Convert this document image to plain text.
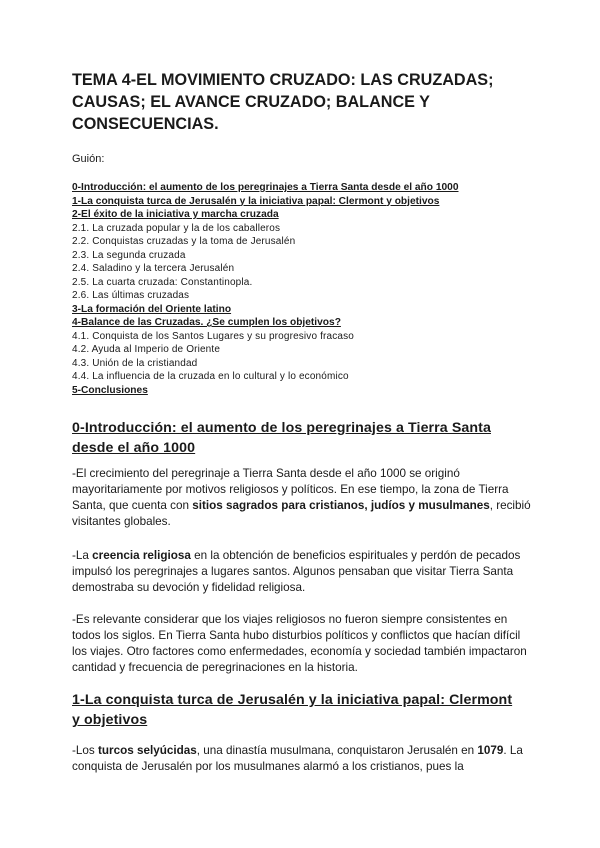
TEMA 4-EL MOVIMIENTO CRUZADO: LAS CRUZADAS; CAUSAS; EL AVANCE CRUZADO; BALANCE Y CONSECUENCIAS.
Guión:
0-Introducción: el aumento de los peregrinajes a Tierra Santa desde el año 1000
1-La conquista turca de Jerusalén y la iniciativa papal: Clermont y objetivos
2-El éxito de la iniciativa y marcha cruzada
2.1. La cruzada popular y la de los caballeros
2.2. Conquistas cruzadas y la toma de Jerusalén
2.3. La segunda cruzada
2.4. Saladino y la tercera Jerusalén
2.5. La cuarta cruzada: Constantinopla.
2.6. Las últimas cruzadas
3-La formación del Oriente latino
4-Balance de las Cruzadas. ¿Se cumplen los objetivos?
4.1. Conquista de los Santos Lugares y su progresivo fracaso
4.2. Ayuda al Imperio de Oriente
4.3. Unión de la cristiandad
4.4. La influencia de la cruzada en lo cultural y lo económico
5-Conclusiones
0-Introducción: el aumento de los peregrinajes a Tierra Santa desde el año 1000

-El crecimiento del peregrinaje a Tierra Santa desde el año 1000 se originó mayoritariamente por motivos religiosos y políticos. En ese tiempo, la zona de Tierra Santa, que cuenta con sitios sagrados para cristianos, judíos y musulmanes, recibió visitantes globales.

-La creencia religiosa en la obtención de beneficios espirituales y perdón de pecados impulsó los peregrinajes a lugares santos. Algunos pensaban que visitar Tierra Santa demostraba su devoción y fidelidad religiosa.

-Es relevante considerar que los viajes religiosos no fueron siempre consistentes en todos los siglos. En Tierra Santa hubo disturbios políticos y conflictos que hacían difícil los viajes. Otro factores como enfermedades, economía y sociedad también impactaron cantidad y frecuencia de peregrinaciones en la historia.

1-La conquista turca de Jerusalén y la iniciativa papal: Clermont y objetivos

-Los turcos selyúcidas, una dinastía musulmana, conquistaron Jerusalén en 1079. La conquista de Jerusalén por los musulmanes alarmó a los cristianos, pues la
